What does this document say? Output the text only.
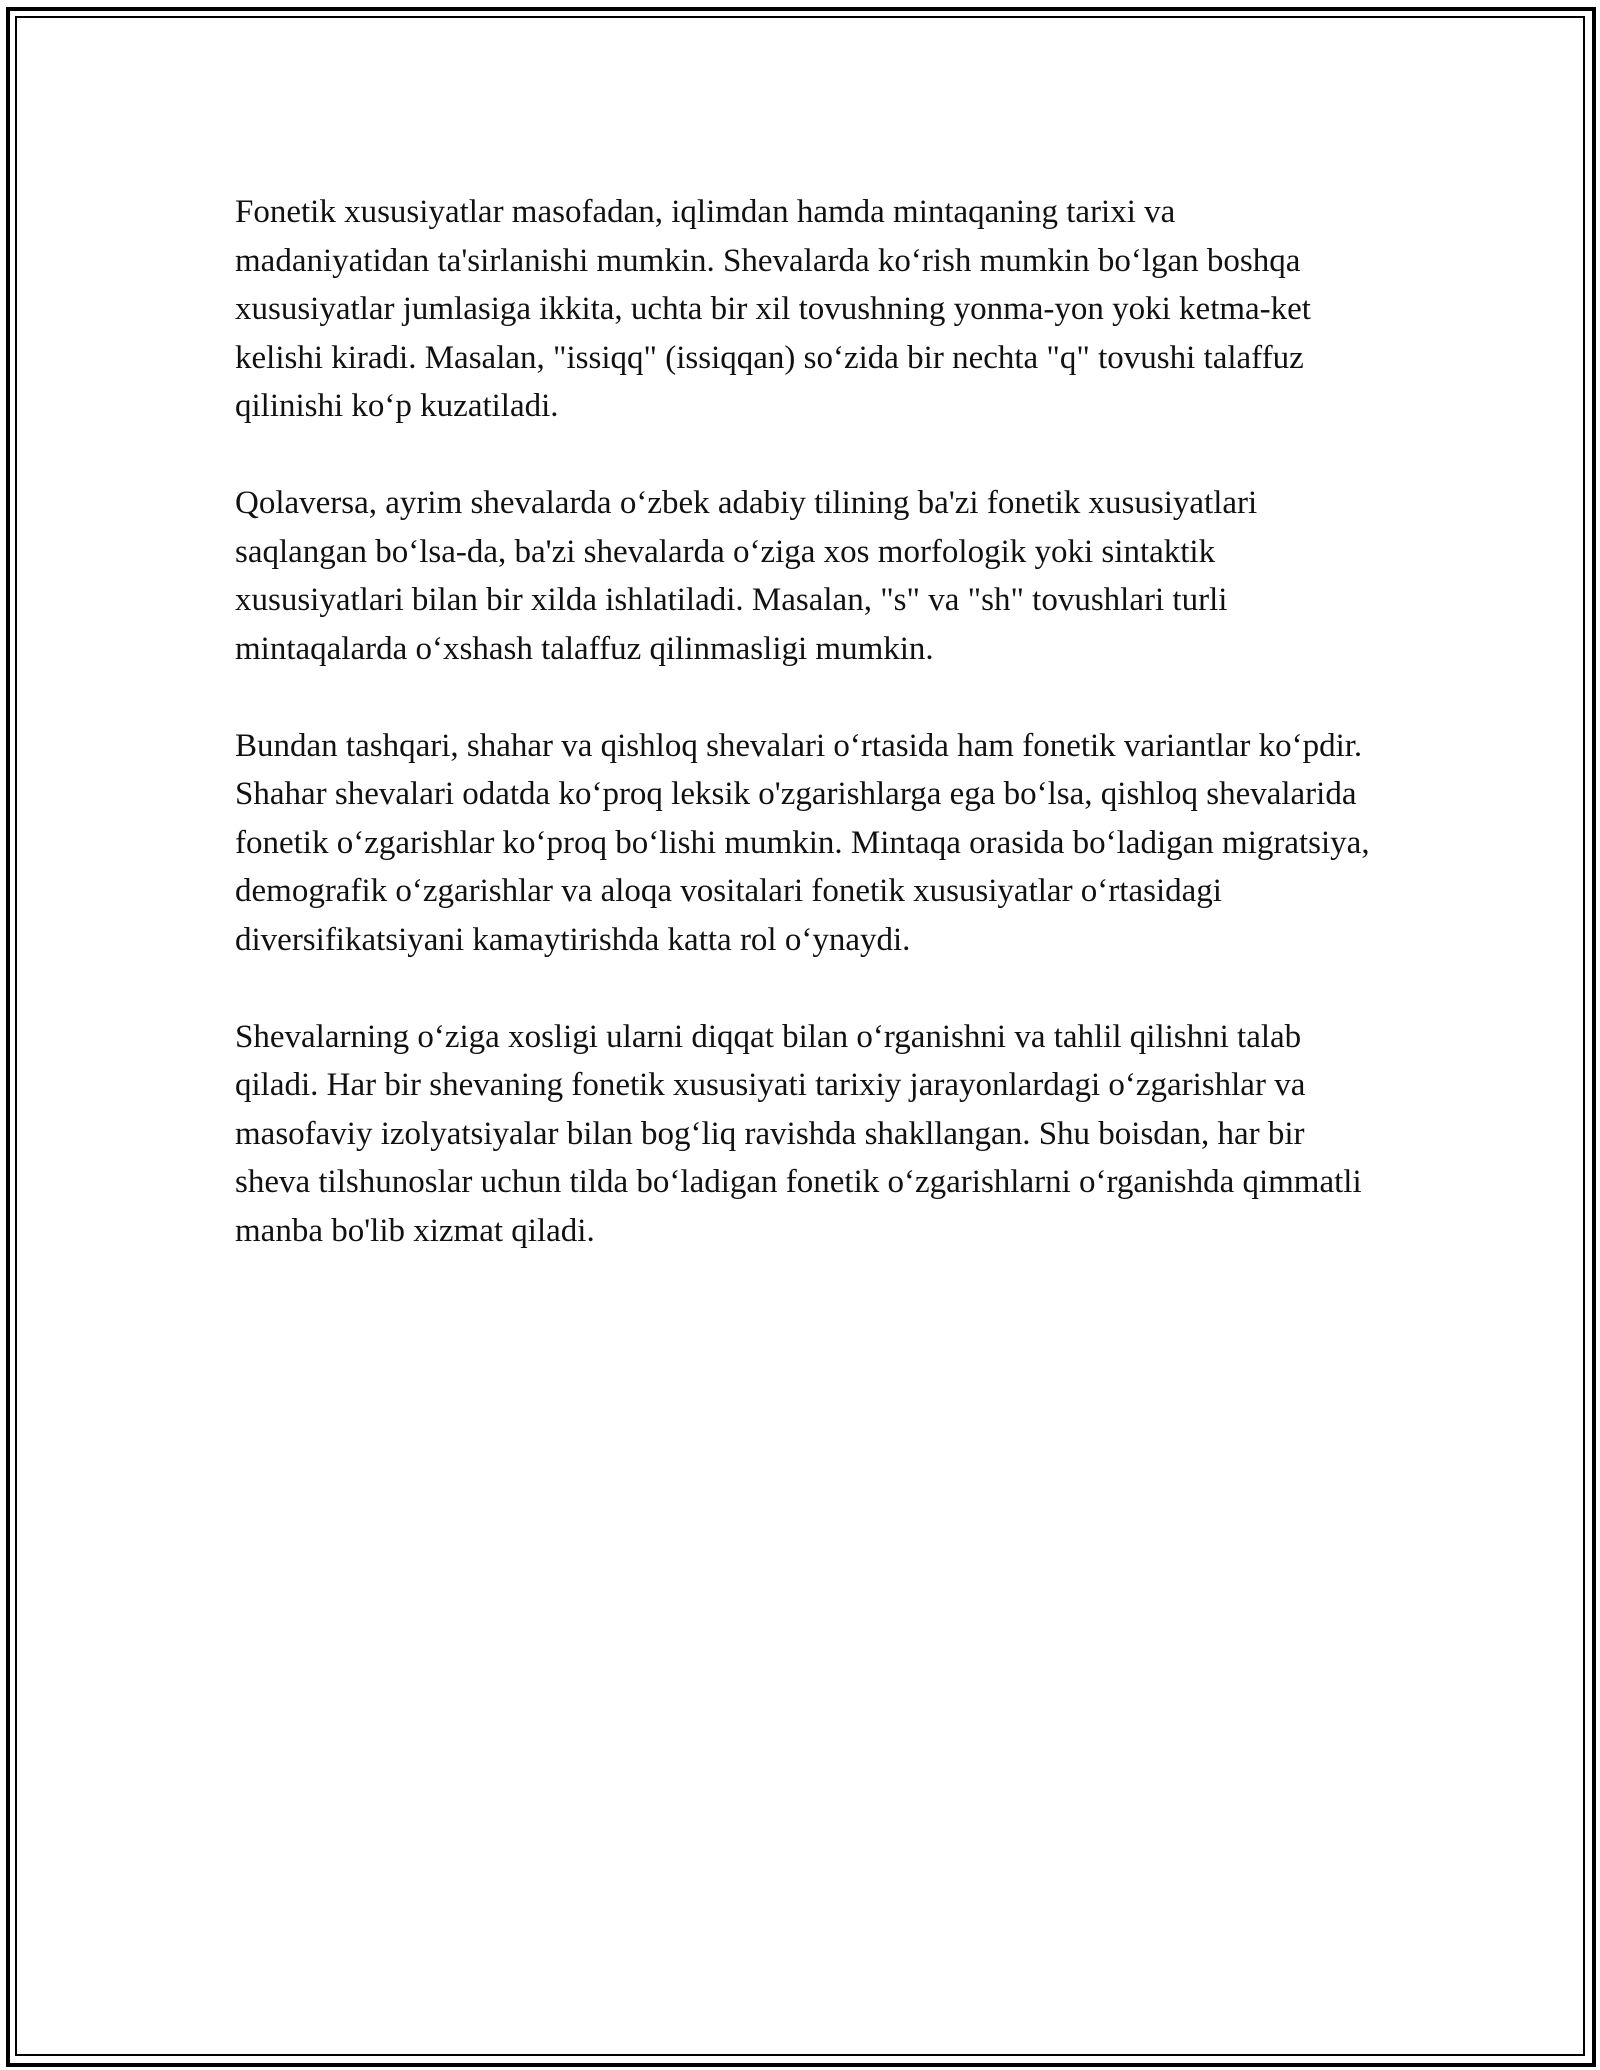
Fonetik xususiyatlar masofadan, iqlimdan hamda mintaqaning tarixi va madaniyatidan ta'sirlanishi mumkin. Shevalarda ko‘rish mumkin bo‘lgan boshqa xususiyatlar jumlasiga ikkita, uchta bir xil tovushning yonma-yon yoki ketma-ket kelishi kiradi. Masalan, "issiqq" (issiqqan) so‘zida bir nechta "q" tovushi talaffuz qilinishi ko‘p kuzatiladi.

Qolaversa, ayrim shevalarda o‘zbek adabiy tilining ba'zi fonetik xususiyatlari saqlangan bo‘lsa-da, ba'zi shevalarda o‘ziga xos morfologik yoki sintaktik xususiyatlari bilan bir xilda ishlatiladi. Masalan, "s" va "sh" tovushlari turli mintaqalarda o‘xshash talaffuz qilinmasligi mumkin.

Bundan tashqari, shahar va qishloq shevalari o‘rtasida ham fonetik variantlar ko‘pdir. Shahar shevalari odatda ko‘proq leksik o'zgarishlarga ega bo‘lsa, qishloq shevalarida fonetik o‘zgarishlar ko‘proq bo‘lishi mumkin. Mintaqa orasida bo‘ladigan migratsiya, demografik o‘zgarishlar va aloqa vositalari fonetik xususiyatlar o‘rtasidagi diversifikatsiyani kamaytirishda katta rol o‘ynaydi.

Shevalarning o‘ziga xosligi ularni diqqat bilan o‘rganishni va tahlil qilishni talab qiladi. Har bir shevaning fonetik xususiyati tarixiy jarayonlardagi o‘zgarishlar va masofaviy izolyatsiyalar bilan bog‘liq ravishda shakllangan. Shu boisdan, har bir sheva tilshunoslar uchun tilda bo‘ladigan fonetik o‘zgarishlarni o‘rganishda qimmatli manba bo'lib xizmat qiladi.
